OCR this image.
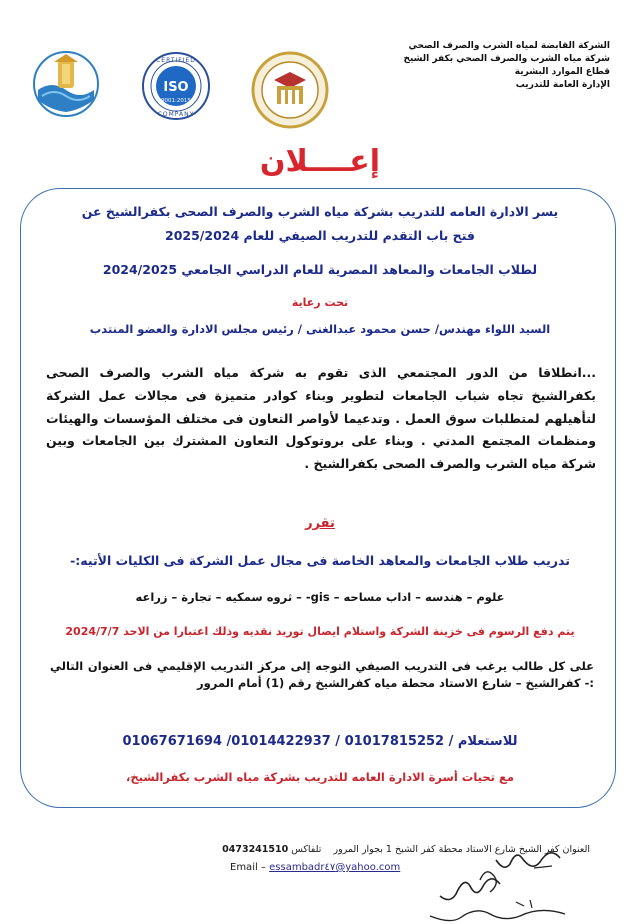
الشركة القابضة لمياه الشرب والصرف الصحي
شركة مياه الشرب والصرف الصحي بكفر الشيخ
قطاع الموارد البشرية
الإدارة العامة للتدريب
ISO
CERTIFIED
COMPANY
9001:2015
إعــــلان
يسر الادارة العامه للتدريب بشركة مياه الشرب والصرف الصحى بكفرالشيخ عن
فتح باب التقدم للتدريب الصيفي للعام 2025/2024
لطلاب الجامعات والمعاهد المصرية للعام الدراسي الجامعي 2024/2025
تحت رعاية
السيد اللواء مهندس/ حسن محمود عبدالغنى / رئيس مجلس الادارة والعضو المنتدب
...انطلاقا من الدور المجتمعي الذى تقوم به شركة مياه الشرب والصرف الصحى بكفرالشيخ تجاه شباب الجامعات لتطوير وبناء كوادر متميزة فى مجالات عمل الشركة لتأهيلهم لمتطلبات سوق العمل . وتدعيما لأواصر التعاون فى مختلف المؤسسات والهيئات ومنظمات المجتمع المدني . وبناء على بروتوكول التعاون المشترك بين الجامعات وبين شركة مياه الشرب والصرف الصحى بكفرالشيخ .
تقرر
تدريب طلاب الجامعات والمعاهد الخاصة فى مجال عمل الشركة فى الكليات الأتيه:-
علوم – هندسه – اداب مساحه – gis- – ثروه سمكيه – تجارة – زراعه
يتم دفع الرسوم فى خزينة الشركة واستلام ايصال توريد نقديه وذلك اعتبارا من الاحد 2024/7/7
على كل طالب يرغب فى التدريب الصيفي التوجه إلى مركز التدريب الإقليمي فى العنوان التالي :- كفرالشيخ – شارع الاستاد محطة مياه كفرالشيخ رقم (1) أمام المرور
للاستعلام / 01017815252 / 01014422937/ 01067671694
مع تحيات أسرة الادارة العامه للتدريب بشركة مياه الشرب بكفرالشيخ،
العنوان كفر الشيخ شارع الاستاد محطة كفر الشيخ 1 بجوار المرور    تلفاكس 0473241510
Email – essambadr٤٧@yahoo.com
